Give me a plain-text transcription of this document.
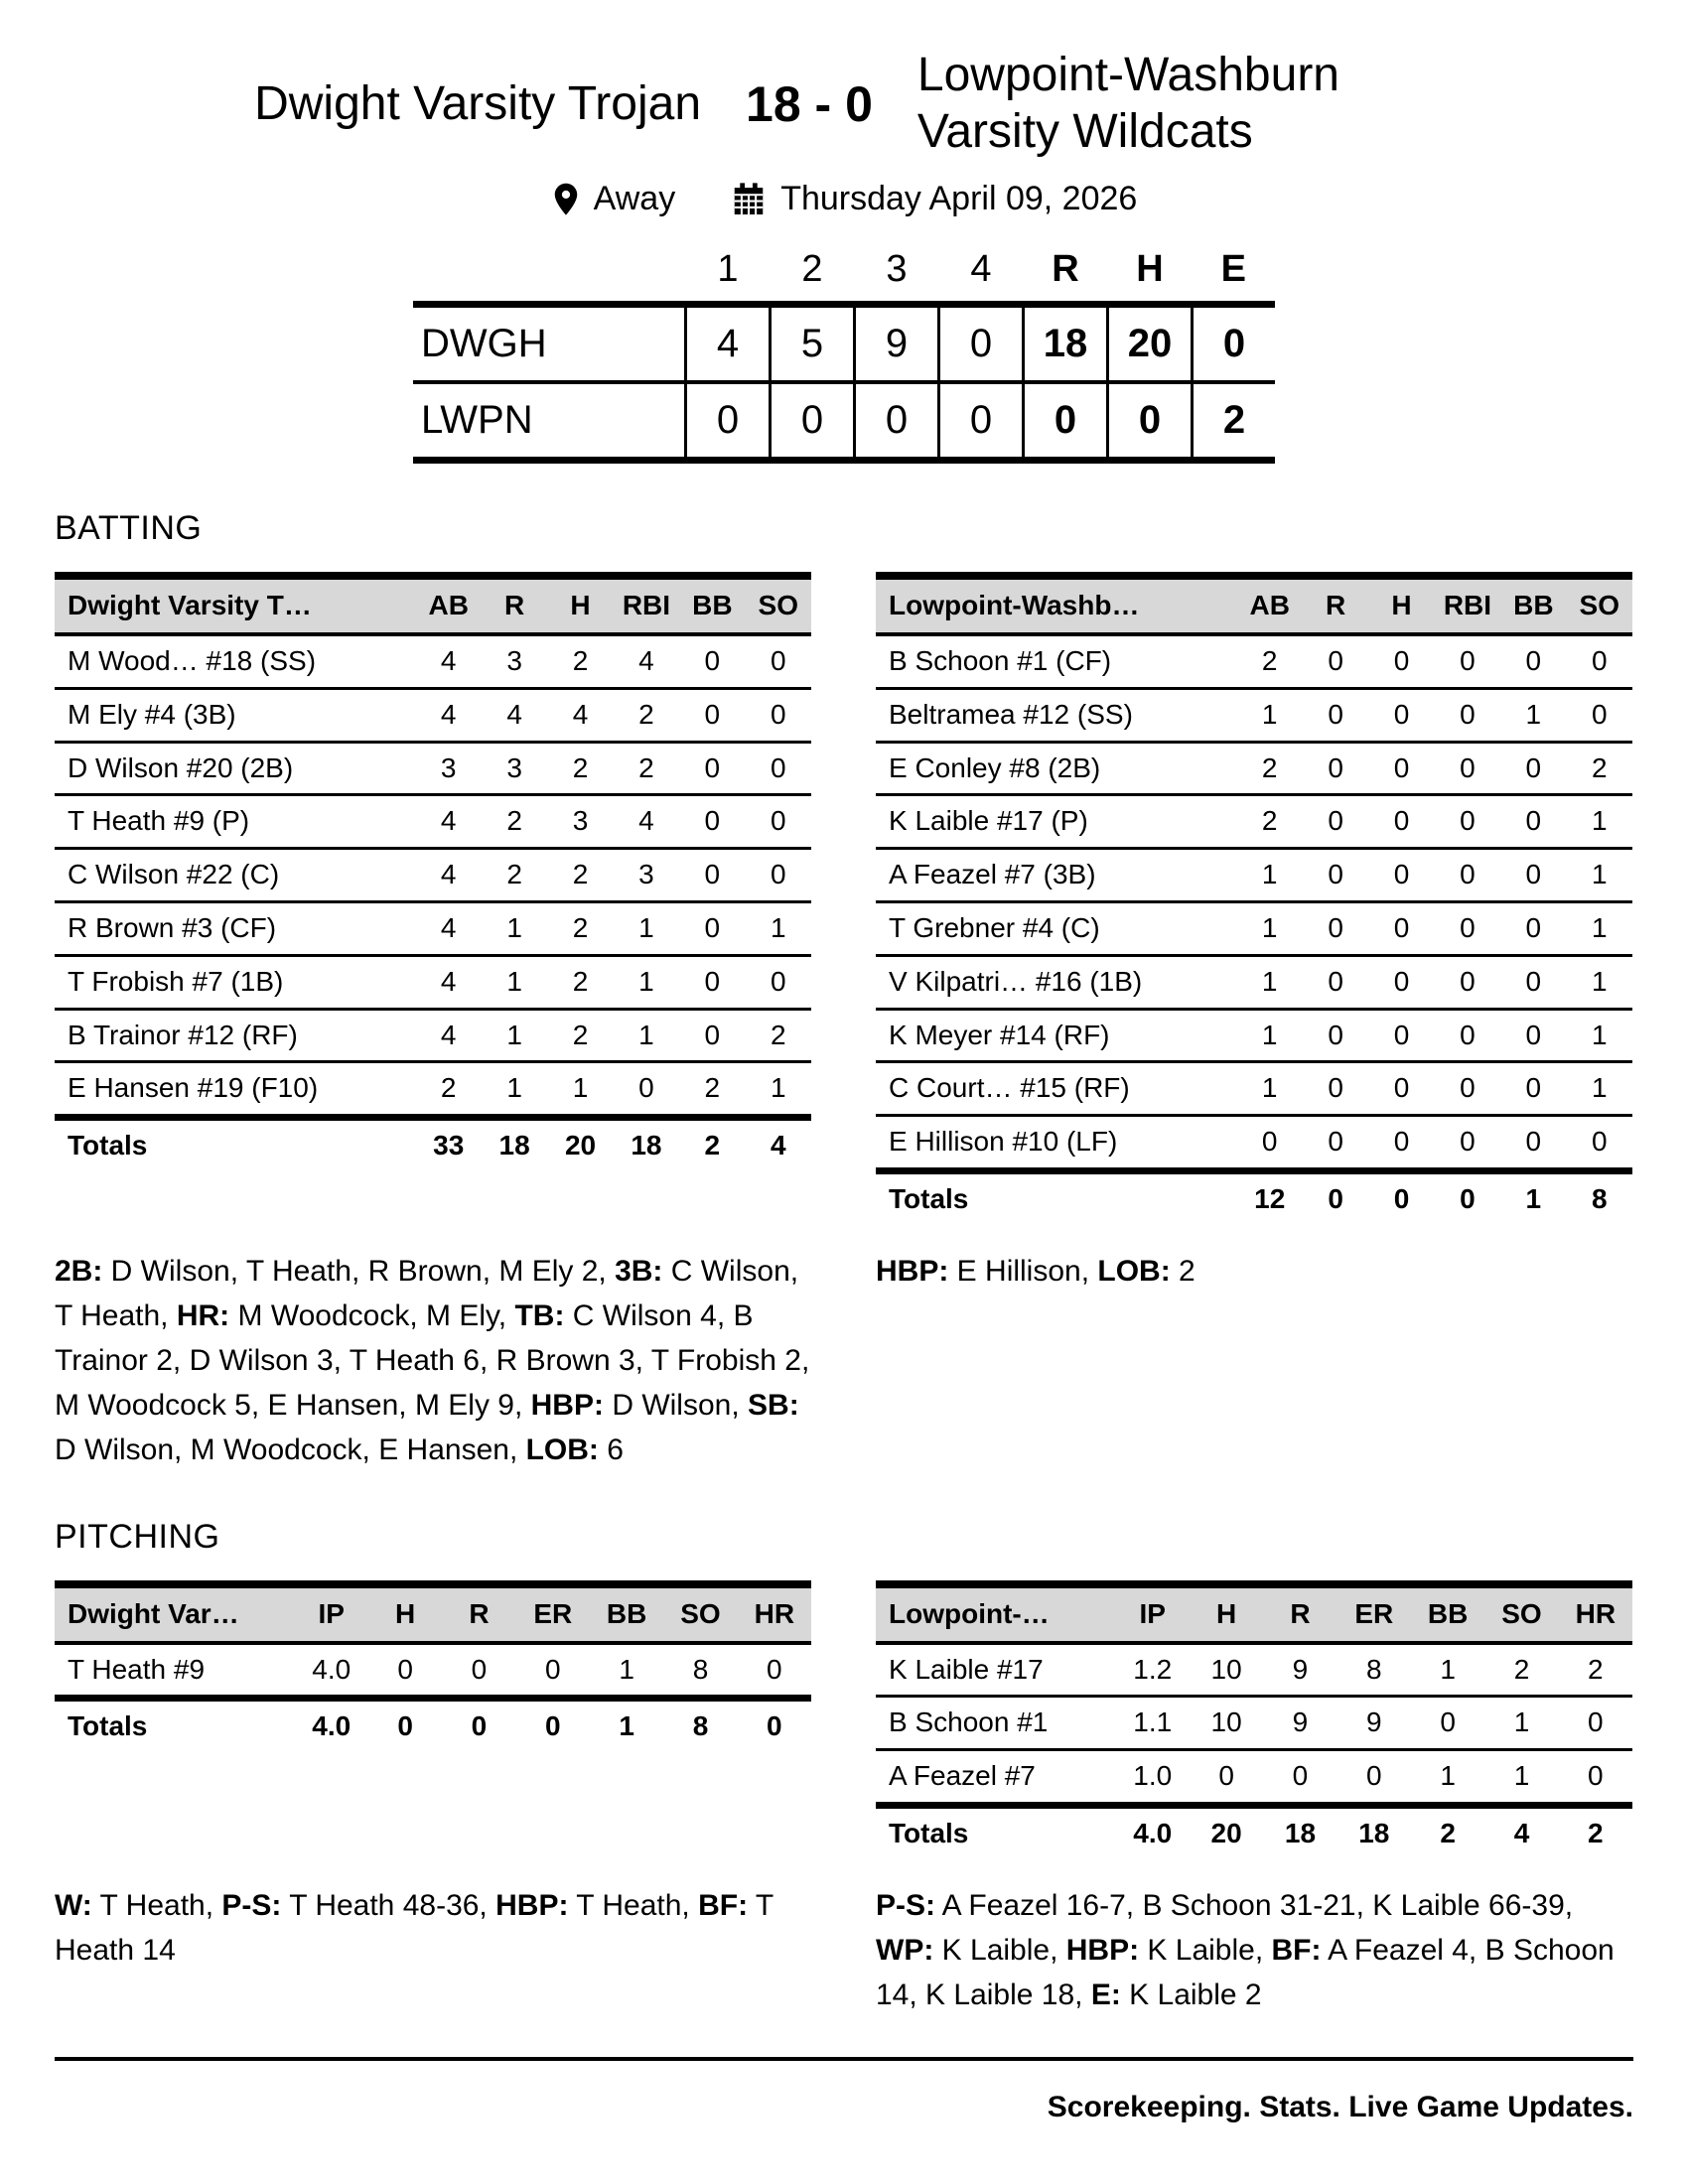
Dwight Varsity Trojan 18 - 0
Lowpoint-Washburn Varsity Wildcats
Away	Thursday April 09, 2026
	1	2	3	4	R	H	E
DWGH	4	5	9	0	18	20	0
LWPN	0	0	0	0	0	0	2
BATTING
Dwight Varsity T…	AB	R	H	RBI	BB	SO
M Wood… #18 (SS)	4	3	2	4	0	0
M Ely #4 (3B)	4	4	4	2	0	0
D Wilson #20 (2B)	3	3	2	2	0	0
T Heath #9 (P)	4	2	3	4	0	0
C Wilson #22 (C)	4	2	2	3	0	0
R Brown #3 (CF)	4	1	2	1	0	1
T Frobish #7 (1B)	4	1	2	1	0	0
B Trainor #12 (RF)	4	1	2	1	0	2
E Hansen #19 (F10)	2	1	1	0	2	1
Totals	33	18	20	18	2	4
Lowpoint-Washb…	AB	R	H	RBI	BB	SO
B Schoon #1 (CF)	2	0	0	0	0	0
Beltramea #12 (SS)	1	0	0	0	1	0
E Conley #8 (2B)	2	0	0	0	0	2
K Laible #17 (P)	2	0	0	0	0	1
A Feazel #7 (3B)	1	0	0	0	0	1
T Grebner #4 (C)	1	0	0	0	0	1
V Kilpatri… #16 (1B)	1	0	0	0	0	1
K Meyer #14 (RF)	1	0	0	0	0	1
C Court… #15 (RF)	1	0	0	0	0	1
E Hillison #10 (LF)	0	0	0	0	0	0
Totals	12	0	0	0	1	8

2B: D Wilson, T Heath, R Brown, M Ely 2, 3B: C Wilson, T Heath, HR: M Woodcock, M Ely, TB: C Wilson 4, B Trainor 2, D Wilson 3, T Heath 6, R Brown 3, T Frobish 2, M Woodcock 5, E Hansen, M Ely 9, HBP: D Wilson, SB: D Wilson, M Woodcock, E Hansen, LOB: 6

HBP: E Hillison, LOB: 2

PITCHING
Dwight Var…	IP	H	R	ER	BB	SO	HR
T Heath #9	4.0	0	0	0	1	8	0
Totals	4.0	0	0	0	1	8	0
Lowpoint-…	IP	H	R	ER	BB	SO	HR
K Laible #17	1.2	10	9	8	1	2	2
B Schoon #1	1.1	10	9	9	0	1	0
A Feazel #7	1.0	0	0	0	1	1	0
Totals	4.0	20	18	18	2	4	2

W: T Heath, P-S: T Heath 48-36, HBP: T Heath, BF: T Heath 14

P-S: A Feazel 16-7, B Schoon 31-21, K Laible 66-39, WP: K Laible, HBP: K Laible, BF: A Feazel 4, B Schoon 14, K Laible 18, E: K Laible 2

Scorekeeping. Stats. Live Game Updates.
